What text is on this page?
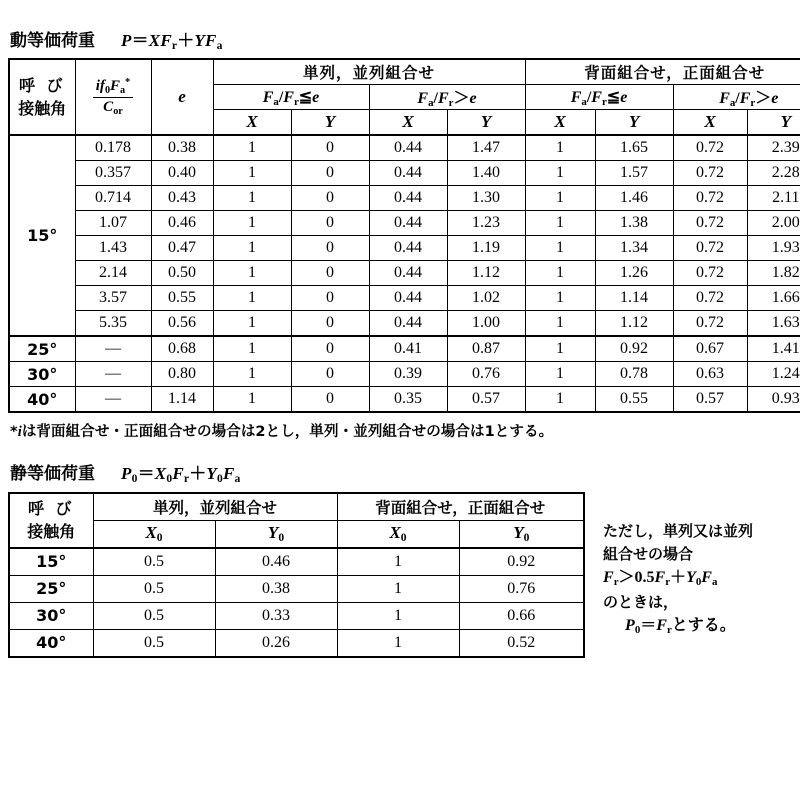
動等価荷重 $P=XF_r+YF_a$
呼 び
接触角	$\frac{if_0F_a^*}{C_{or}}$	e	単列，並列組合せ				背面組合せ，正面組合せ			
			$F_a/F_r≦e$		$F_a/F_r>e$		$F_a/F_r≦e$		$F_a/F_r>e$	
			X	Y	X	Y	X	Y	X	Y
15°	0.178	0.38	1	0	0.44	1.47	1	1.65	0.72	2.39
	0.357	0.40	1	0	0.44	1.40	1	1.57	0.72	2.28
	0.714	0.43	1	0	0.44	1.30	1	1.46	0.72	2.11
	1.07	0.46	1	0	0.44	1.23	1	1.38	0.72	2.00
	1.43	0.47	1	0	0.44	1.19	1	1.34	0.72	1.93
	2.14	0.50	1	0	0.44	1.12	1	1.26	0.72	1.82
	3.57	0.55	1	0	0.44	1.02	1	1.14	0.72	1.66
	5.35	0.56	1	0	0.44	1.00	1	1.12	0.72	1.63
25°	—	0.68	1	0	0.41	0.87	1	0.92	0.67	1.41
30°	—	0.80	1	0	0.39	0.76	1	0.78	0.63	1.24
40°	—	1.14	1	0	0.35	0.57	1	0.55	0.57	0.93
*iは背面組合せ・正面組合せの場合は2とし，単列・並列組合せの場合は1とする。
静等価荷重 $P_0=X_0F_r+Y_0F_a$
呼 び
接触角	単列，並列組合せ		背面組合せ，正面組合せ	
	$X_0$	$Y_0$	$X_0$	$Y_0$
15°	0.5	0.46	1	0.92
25°	0.5	0.38	1	0.76
30°	0.5	0.33	1	0.66
40°	0.5	0.26	1	0.52
ただし，単列又は並列
組合せの場合
$F_r>0.5F_r+Y_0F_a$
のときは，
$P_0=F_r$とする。
